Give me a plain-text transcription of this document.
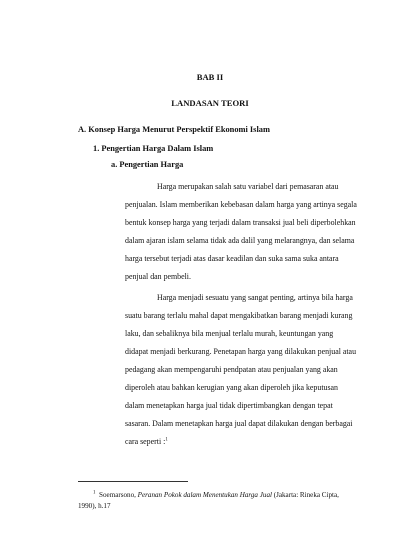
BAB II
LANDASAN TEORI
A. Konsep Harga Menurut Perspektif Ekonomi Islam
1. Pengertian Harga Dalam Islam
a. Pengertian Harga
Harga merupakan salah satu variabel dari pemasaran atau
penjualan. Islam memberikan kebebasan dalam harga yang artinya segala
bentuk konsep harga yang terjadi dalam transaksi jual beli diperbolehkan
dalam ajaran islam selama tidak ada dalil yang melarangnya, dan selama
harga tersebut terjadi atas dasar keadilan dan suka sama suka antara
penjual dan pembeli.
Harga menjadi sesuatu yang sangat penting, artinya bila harga
suatu barang terlalu mahal dapat mengakibatkan barang menjadi kurang
laku, dan sebaliknya bila menjual terlalu murah, keuntungan yang
didapat menjadi berkurang. Penetapan harga yang dilakukan penjual atau
pedagang akan mempengaruhi pendpatan atau penjualan yang akan
diperoleh atau bahkan kerugian yang akan diperoleh jika keputusan
dalam menetapkan harga jual tidak dipertimbangkan dengan tepat
sasaran. Dalam menetapkan harga jual dapat dilakukan dengan berbagai
cara seperti :$^1$
$^1$ Soemarsono, Peranan Pokok dalam Menentukan Harga Jual (Jakarta: Rineka Cipta,
1990), h.17
